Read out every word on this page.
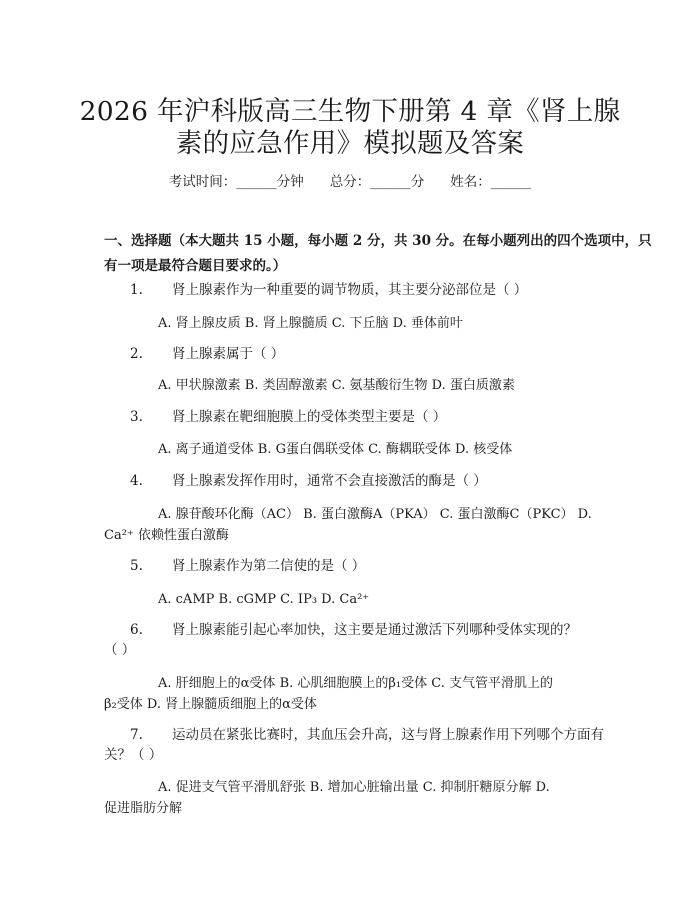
2026 年沪科版高三生物下册第 4 章《肾上腺
素的应急作用》模拟题及答案
考试时间：______分钟 总分：______分 姓名：______
一、选择题（本大题共 15 小题，每小题 2 分，共 30 分。在每小题列出的四个选项中，只有一项是最符合题目要求的。）
1. 肾上腺素作为一种重要的调节物质，其主要分泌部位是（ ）
A. 肾上腺皮质 B. 肾上腺髓质 C. 下丘脑 D. 垂体前叶
2. 肾上腺素属于（ ）
A. 甲状腺激素 B. 类固醇激素 C. 氨基酸衍生物 D. 蛋白质激素
3. 肾上腺素在靶细胞膜上的受体类型主要是（ ）
A. 离子通道受体 B. G蛋白偶联受体 C. 酶耦联受体 D. 核受体
4. 肾上腺素发挥作用时，通常不会直接激活的酶是（ ）
A. 腺苷酸环化酶（AC） B. 蛋白激酶A（PKA） C. 蛋白激酶C（PKC） D.
Ca²⁺ 依赖性蛋白激酶
5. 肾上腺素作为第二信使的是（ ）
A. cAMP B. cGMP C. IP₃ D. Ca²⁺
6. 肾上腺素能引起心率加快，这主要是通过激活下列哪种受体实现的？
（ ）
A. 肝细胞上的α受体 B. 心肌细胞膜上的β₁受体 C. 支气管平滑肌上的
β₂受体 D. 肾上腺髓质细胞上的α受体
7. 运动员在紧张比赛时，其血压会升高，这与肾上腺素作用下列哪个方面有
关？（ ）
A. 促进支气管平滑肌舒张 B. 增加心脏输出量 C. 抑制肝糖原分解 D.
促进脂肪分解
